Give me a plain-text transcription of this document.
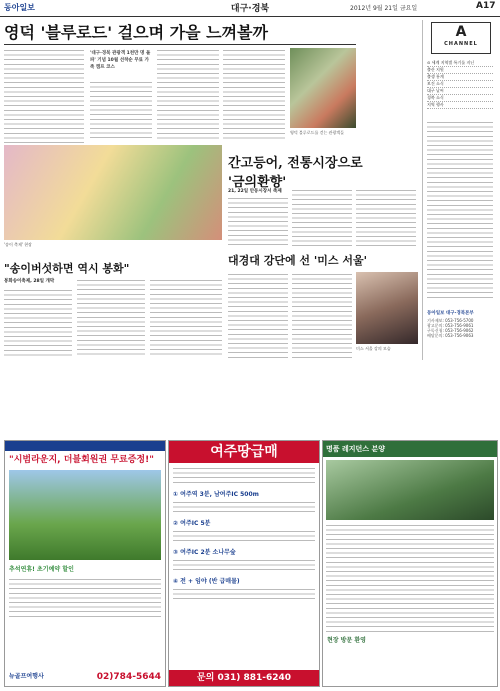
동아일보	대구·경북	2012년 9월 21일 금요일	A17
영덕 '블루로드' 걸으며 가을 느껴볼까
'대구·경북 관광객 1천만 명 돌파' 기념 10월 선착순 무료 가족 캠프 코스
영덕 블루로드를 걷는 관광객들
'송이 축제' 현장
간고등어, 전통시장으로 '금의환향'
21, 22일 안동시장서 축제
"송이버섯하면 역시 봉화"
봉화송이축제, 28일 개막
대경대 강단에 선 '미스 서울'
미스 서울 강의 모습
A
CHANNEL
⊙ 세계 지역별 특기를 지닌
출산 지원
출생 통계
보건 소식
대구 날씨
경북 소식
지역 행사
동아일보 대구·경북본부
기사제보: 053-756-5700
광고문의: 053-756-9061
구독신청: 053-756-9062
배달문의: 053-756-9063
"시범라운지, 더블회원권 무료증정!"
추석연휴! 초기예약 할인
뉴골프여행사	02)784-5644
여주땅급매
① 여주역 3분, 남여주IC 500m
② 여주IC 5분
③ 여주IC 2분 소나무숲
④ 전 + 임야 (반 급매물)
문의 031) 881-6240
명품 레지던스 분양
현장 방문 환영
